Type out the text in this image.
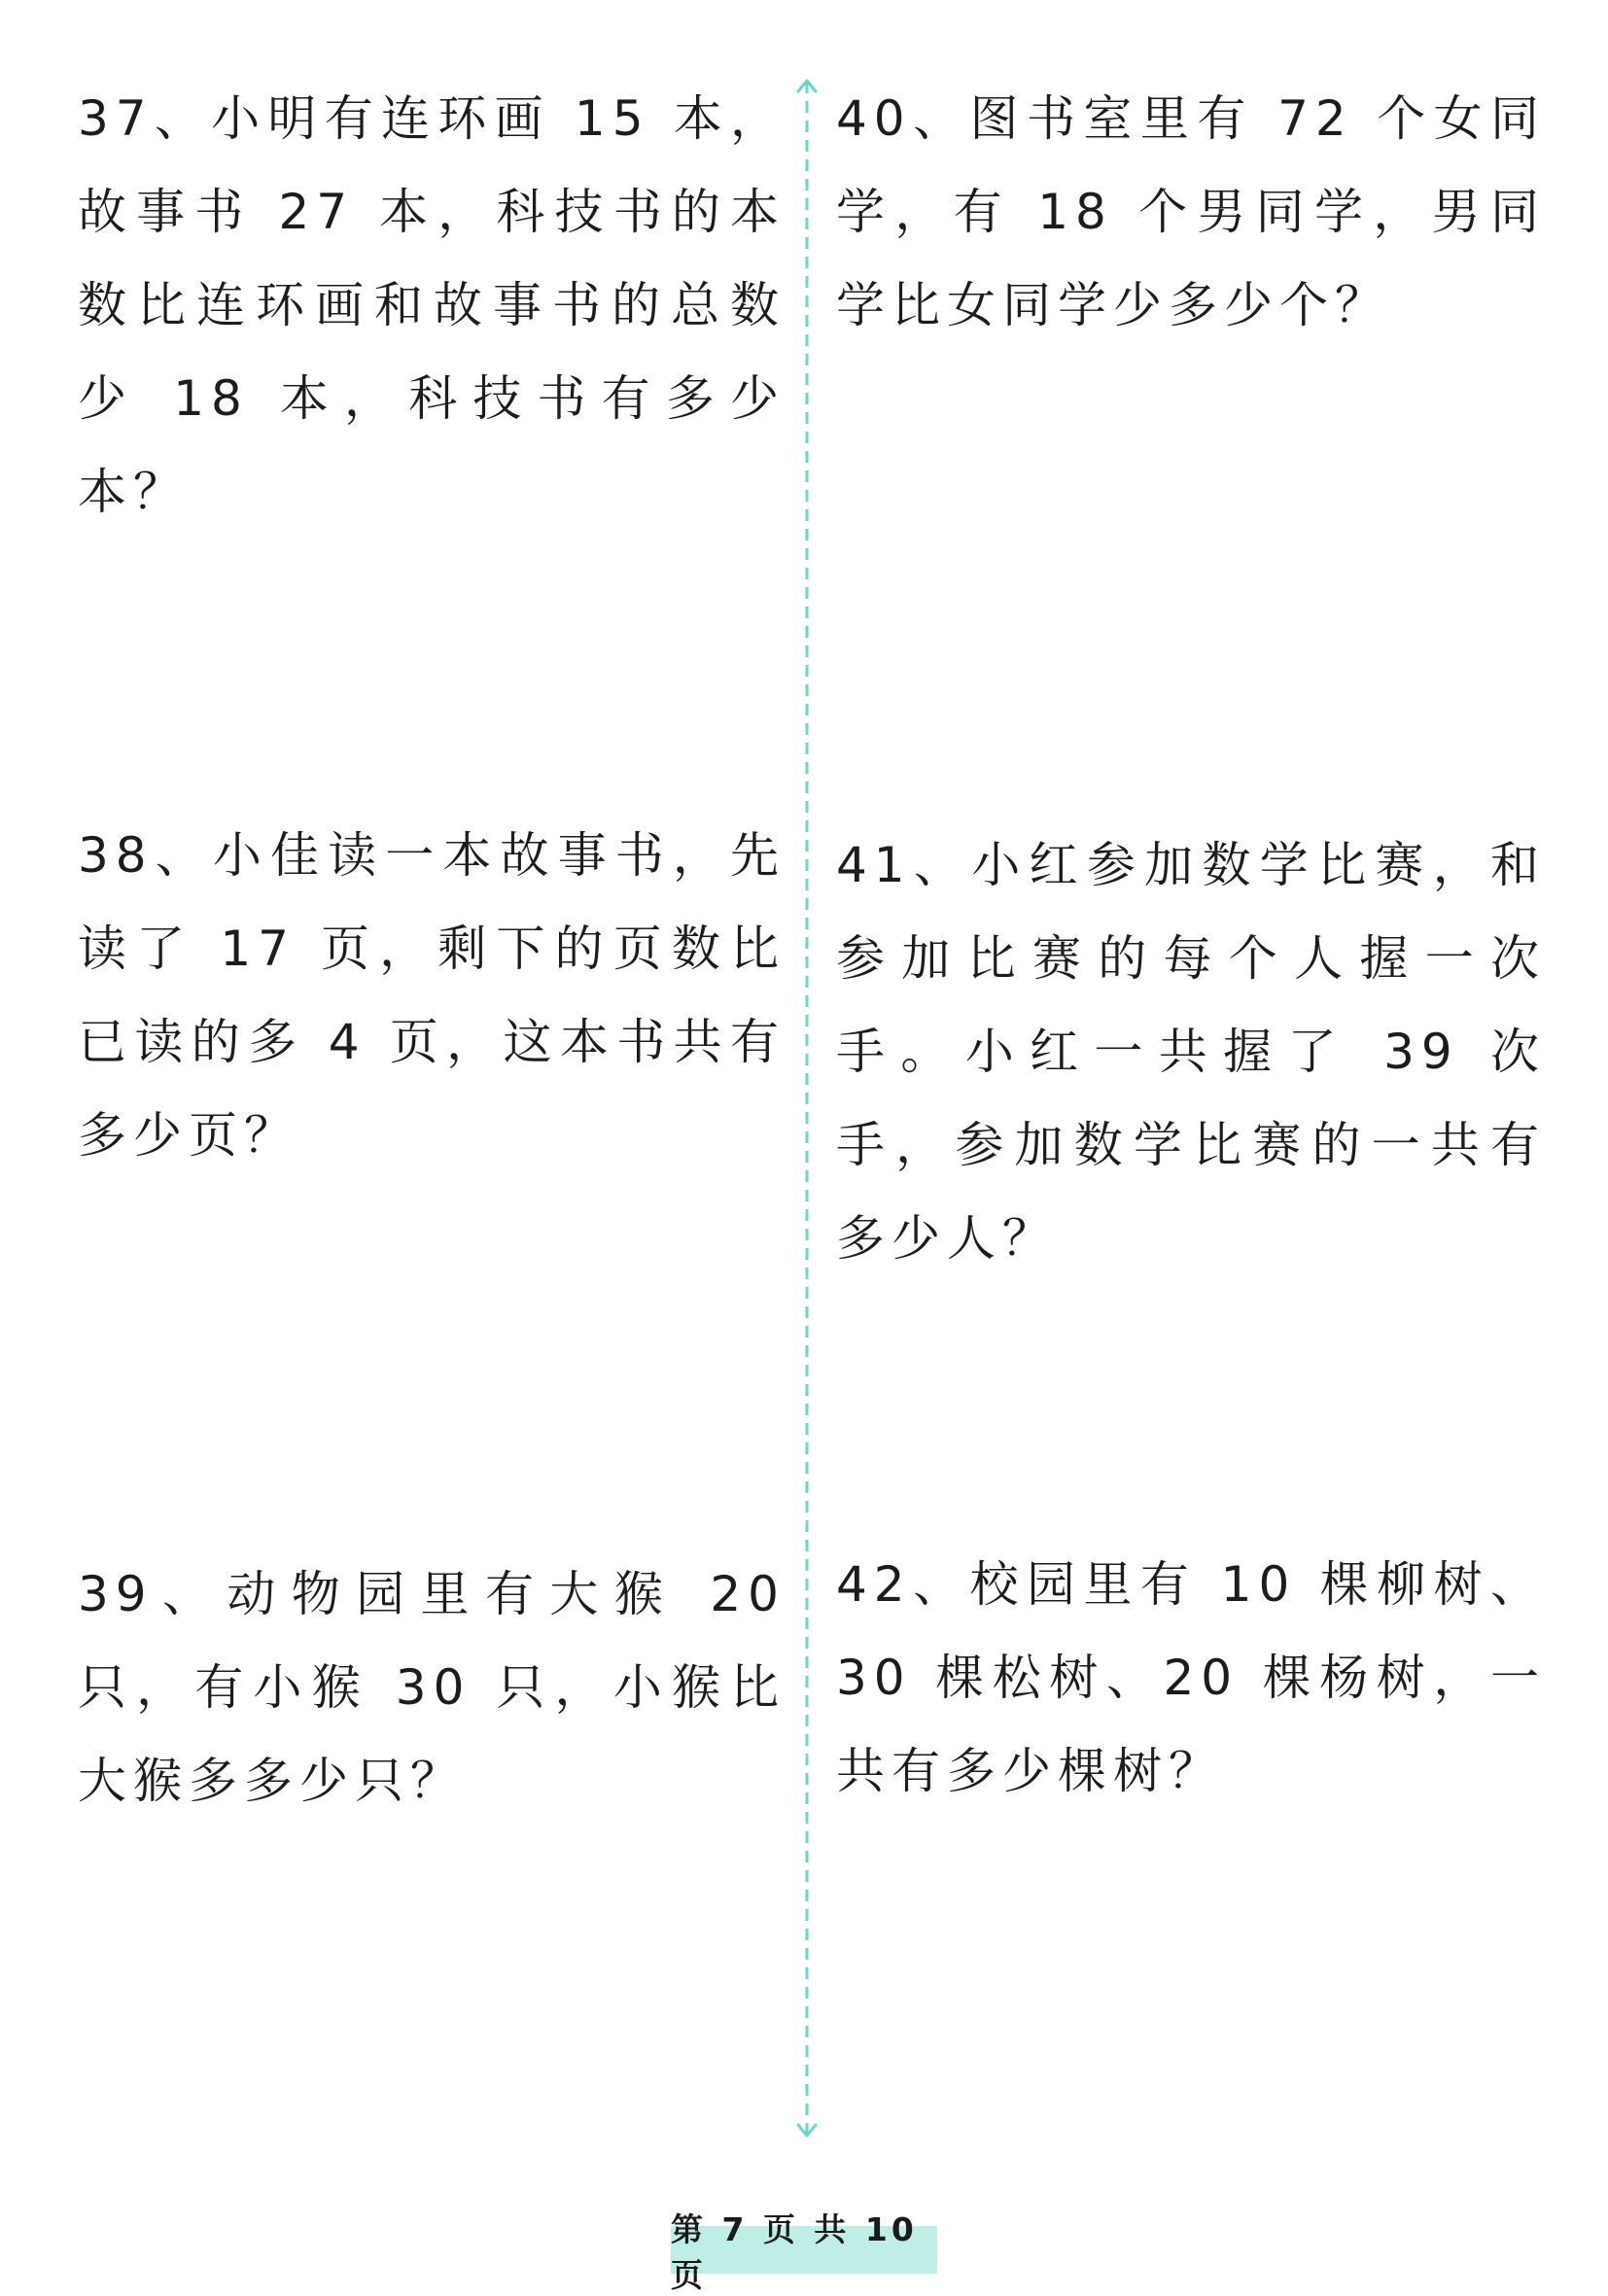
37、小明有连环画 15 本，故事书 27 本，科技书的本数比连环画和故事书的总数少 18 本，科技书有多少本？

38、小佳读一本故事书，先读了 17 页，剩下的页数比已读的多 4 页，这本书共有多少页？

39、动物园里有大猴 20 只，有小猴 30 只，小猴比大猴多多少只？

40、图书室里有 72 个女同学，有 18 个男同学，男同学比女同学少多少个？

41、小红参加数学比赛，和参加比赛的每个人握一次手。小红一共握了 39 次手，参加数学比赛的一共有多少人？

42、校园里有 10 棵柳树、30 棵松树、20 棵杨树，一共有多少棵树？

第 7 页 共 10 页
